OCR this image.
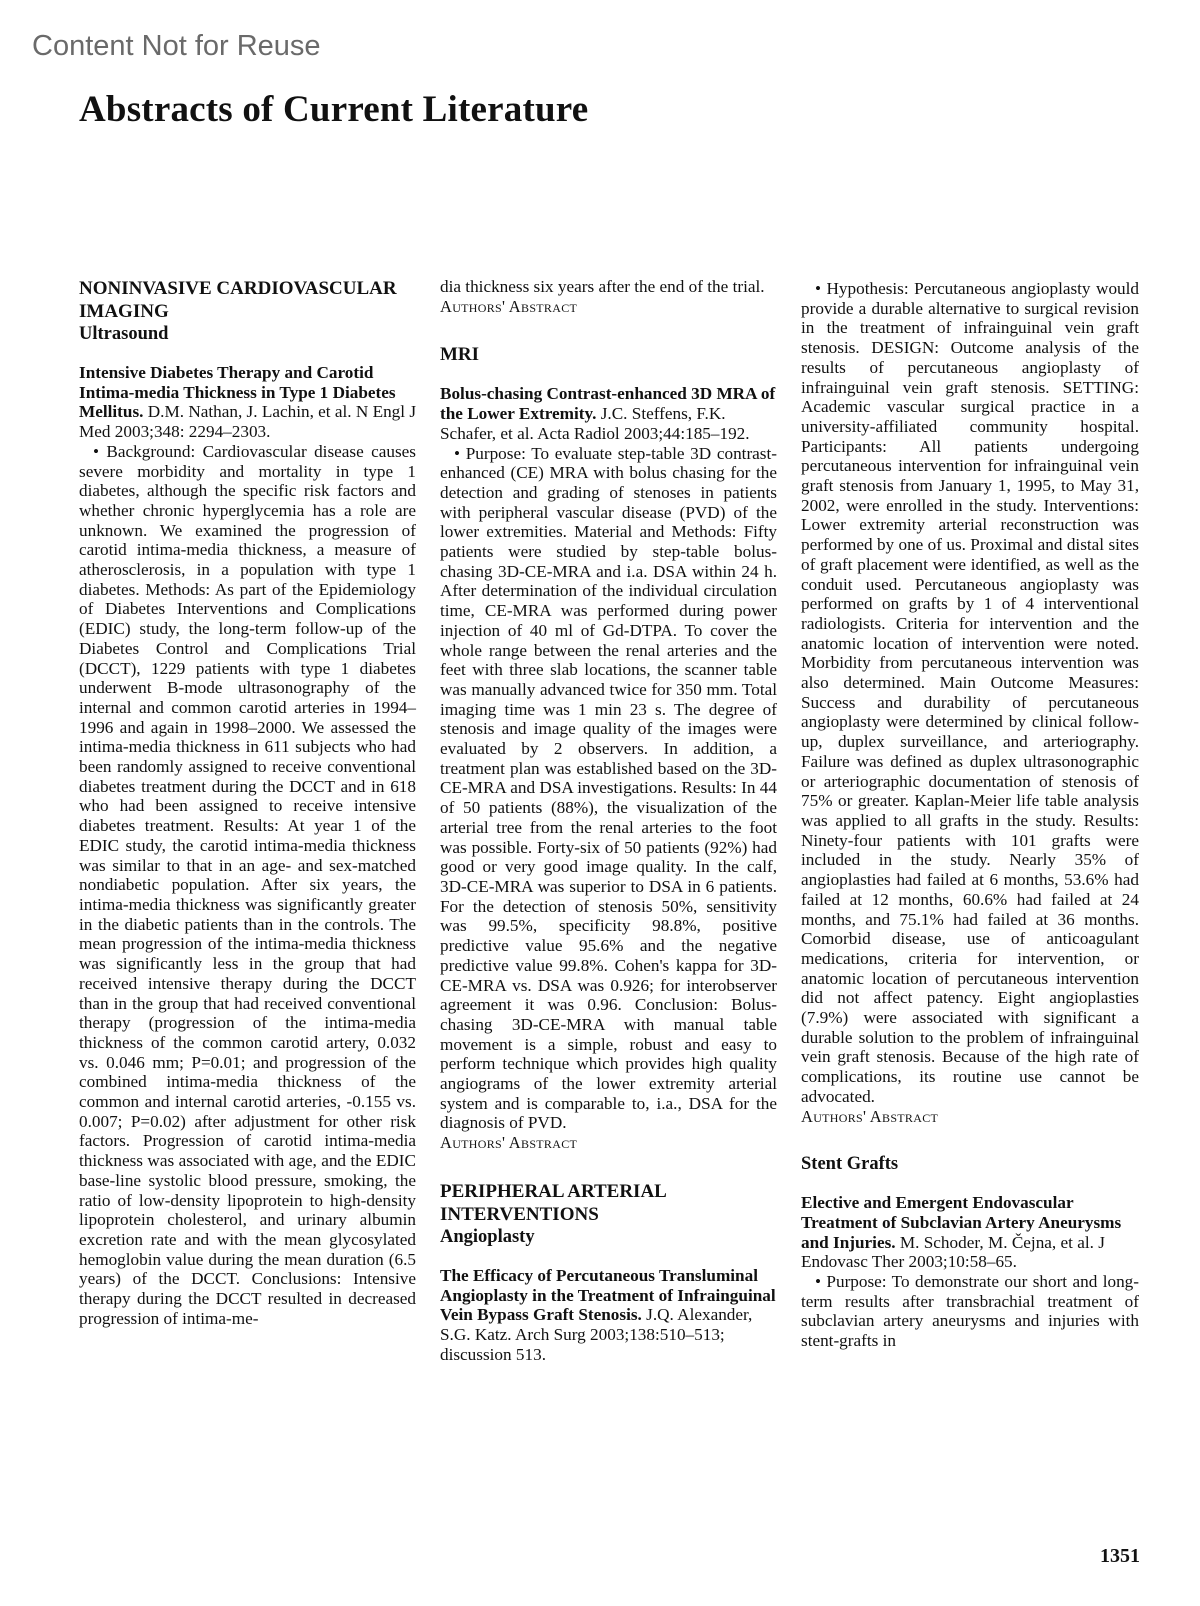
Content Not for Reuse
Abstracts of Current Literature

NONINVASIVE CARDIOVASCULAR IMAGING

Ultrasound

Intensive Diabetes Therapy and Carotid Intima-media Thickness in Type 1 Diabetes Mellitus. D.M. Nathan, J. Lachin, et al. N Engl J Med 2003;348: 2294–2303.

• Background: Cardiovascular disease causes severe morbidity and mortality in type 1 diabetes, although the specific risk factors and whether chronic hyperglycemia has a role are unknown. We examined the progression of carotid intima-media thickness, a measure of atherosclerosis, in a population with type 1 diabetes. Methods: As part of the Epidemiology of Diabetes Interventions and Complications (EDIC) study, the long-term follow-up of the Diabetes Control and Complications Trial (DCCT), 1229 patients with type 1 diabetes underwent B-mode ultrasonography of the internal and common carotid arteries in 1994–1996 and again in 1998–2000. We assessed the intima-media thickness in 611 subjects who had been randomly assigned to receive conventional diabetes treatment during the DCCT and in 618 who had been assigned to receive intensive diabetes treatment. Results: At year 1 of the EDIC study, the carotid intima-media thickness was similar to that in an age- and sex-matched nondiabetic population. After six years, the intima-media thickness was significantly greater in the diabetic patients than in the controls. The mean progression of the intima-media thickness was significantly less in the group that had received intensive therapy during the DCCT than in the group that had received conventional therapy (progression of the intima-media thickness of the common carotid artery, 0.032 vs. 0.046 mm; P=0.01; and progression of the combined intima-media thickness of the common and internal carotid arteries, -0.155 vs. 0.007; P=0.02) after adjustment for other risk factors. Progression of carotid intima-media thickness was associated with age, and the EDIC base-line systolic blood pressure, smoking, the ratio of low-density lipoprotein to high-density lipoprotein cholesterol, and urinary albumin excretion rate and with the mean glycosylated hemoglobin value during the mean duration (6.5 years) of the DCCT. Conclusions: Intensive therapy during the DCCT resulted in decreased progression of intima-me-

dia thickness six years after the end of the trial.

Authors' Abstract

MRI

Bolus-chasing Contrast-enhanced 3D MRA of the Lower Extremity. J.C. Steffens, F.K. Schafer, et al. Acta Radiol 2003;44:185–192.

• Purpose: To evaluate step-table 3D contrast-enhanced (CE) MRA with bolus chasing for the detection and grading of stenoses in patients with peripheral vascular disease (PVD) of the lower extremities. Material and Methods: Fifty patients were studied by step-table bolus-chasing 3D-CE-MRA and i.a. DSA within 24 h. After determination of the individual circulation time, CE-MRA was performed during power injection of 40 ml of Gd-DTPA. To cover the whole range between the renal arteries and the feet with three slab locations, the scanner table was manually advanced twice for 350 mm. Total imaging time was 1 min 23 s. The degree of stenosis and image quality of the images were evaluated by 2 observers. In addition, a treatment plan was established based on the 3D-CE-MRA and DSA investigations. Results: In 44 of 50 patients (88%), the visualization of the arterial tree from the renal arteries to the foot was possible. Forty-six of 50 patients (92%) had good or very good image quality. In the calf, 3D-CE-MRA was superior to DSA in 6 patients. For the detection of stenosis 50%, sensitivity was 99.5%, specificity 98.8%, positive predictive value 95.6% and the negative predictive value 99.8%. Cohen's kappa for 3D-CE-MRA vs. DSA was 0.926; for interobserver agreement it was 0.96. Conclusion: Bolus-chasing 3D-CE-MRA with manual table movement is a simple, robust and easy to perform technique which provides high quality angiograms of the lower extremity arterial system and is comparable to, i.a., DSA for the diagnosis of PVD.

Authors' Abstract

PERIPHERAL ARTERIAL INTERVENTIONS

Angioplasty

The Efficacy of Percutaneous Transluminal Angioplasty in the Treatment of Infrainguinal Vein Bypass Graft Stenosis. J.Q. Alexander, S.G. Katz. Arch Surg 2003;138:510–513; discussion 513.

• Hypothesis: Percutaneous angioplasty would provide a durable alternative to surgical revision in the treatment of infrainguinal vein graft stenosis. DESIGN: Outcome analysis of the results of percutaneous angioplasty of infrainguinal vein graft stenosis. SETTING: Academic vascular surgical practice in a university-affiliated community hospital. Participants: All patients undergoing percutaneous intervention for infrainguinal vein graft stenosis from January 1, 1995, to May 31, 2002, were enrolled in the study. Interventions: Lower extremity arterial reconstruction was performed by one of us. Proximal and distal sites of graft placement were identified, as well as the conduit used. Percutaneous angioplasty was performed on grafts by 1 of 4 interventional radiologists. Criteria for intervention and the anatomic location of intervention were noted. Morbidity from percutaneous intervention was also determined. Main Outcome Measures: Success and durability of percutaneous angioplasty were determined by clinical follow-up, duplex surveillance, and arteriography. Failure was defined as duplex ultrasonographic or arteriographic documentation of stenosis of 75% or greater. Kaplan-Meier life table analysis was applied to all grafts in the study. Results: Ninety-four patients with 101 grafts were included in the study. Nearly 35% of angioplasties had failed at 6 months, 53.6% had failed at 12 months, 60.6% had failed at 24 months, and 75.1% had failed at 36 months. Comorbid disease, use of anticoagulant medications, criteria for intervention, or anatomic location of percutaneous intervention did not affect patency. Eight angioplasties (7.9%) were associated with significant a durable solution to the problem of infrainguinal vein graft stenosis. Because of the high rate of complications, its routine use cannot be advocated.

Authors' Abstract

Stent Grafts

Elective and Emergent Endovascular Treatment of Subclavian Artery Aneurysms and Injuries. M. Schoder, M. Čejna, et al. J Endovasc Ther 2003;10:58–65.

• Purpose: To demonstrate our short and long-term results after transbrachial treatment of subclavian artery aneurysms and injuries with stent-grafts in

1351
